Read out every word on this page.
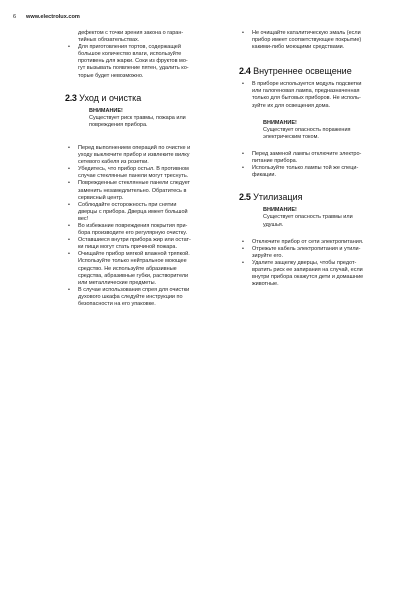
6 www.electrolux.com
дефектом с точки зрения закона о гаран-
тийных обязательствах.
• Для приготовления тортов, содержащей
большое количество влаги, используйте
противень для жарки. Соки из фруктов мо-
гут вызывать появление пятен, удалить ко-
торые будет невозможно.
2.3 Уход и очистка
ВНИМАНИЕ!
Существует риск травмы, пожара или
повреждения прибора.
• Перед выполнением операций по очистке и
уходу выключите прибор и извлеките вилку
сетевого кабеля из розетки.
• Убедитесь, что прибор остыл. В противном
случае стеклянные панели могут треснуть.
• Поврежденные стеклянные панели следует
заменить незамедлительно. Обратитесь в
сервисный центр.
• Соблюдайте осторожность при снятии
дверцы с прибора. Дверца имеет большой
вес!
• Во избежание повреждения покрытия при-
бора производите его регулярную очистку.
• Оставшиеся внутри прибора жир или остат-
ки пищи могут стать причиной пожара.
• Очищайте прибор мягкой влажной тряпкой.
Используйте только нейтральное моющее
средство. Не используйте абразивные
средства, абразивные губки, растворители
или металлические предметы.
• В случае использования спрея для очистки
духового шкафа следуйте инструкции по
безопасности на его упаковке.
• Не очищайте каталитическую эмаль (если
прибор имеет соответствующее покрытие)
какими-либо моющими средствами.
2.4 Внутреннее освещение
• В приборе используется модуль подсветки
или галогеновая лампа, предназначенная
только для бытовых приборов. Не исполь-
зуйте их для освещения дома.
ВНИМАНИЕ!
Существует опасность поражения
электрическим током.
• Перед заменой лампы отключите электро-
питание прибора.
• Используйте только лампы той же специ-
фикации.
2.5 Утилизация
ВНИМАНИЕ!
Существует опасность травмы или
удушья.
• Отключите прибор от сети электропитания.
• Отрежьте кабель электропитания и утили-
зируйте его.
• Удалите защелку дверцы, чтобы предот-
вратить риск ее запирания на случай, если
внутри прибора окажутся дети и домашние
животные.
